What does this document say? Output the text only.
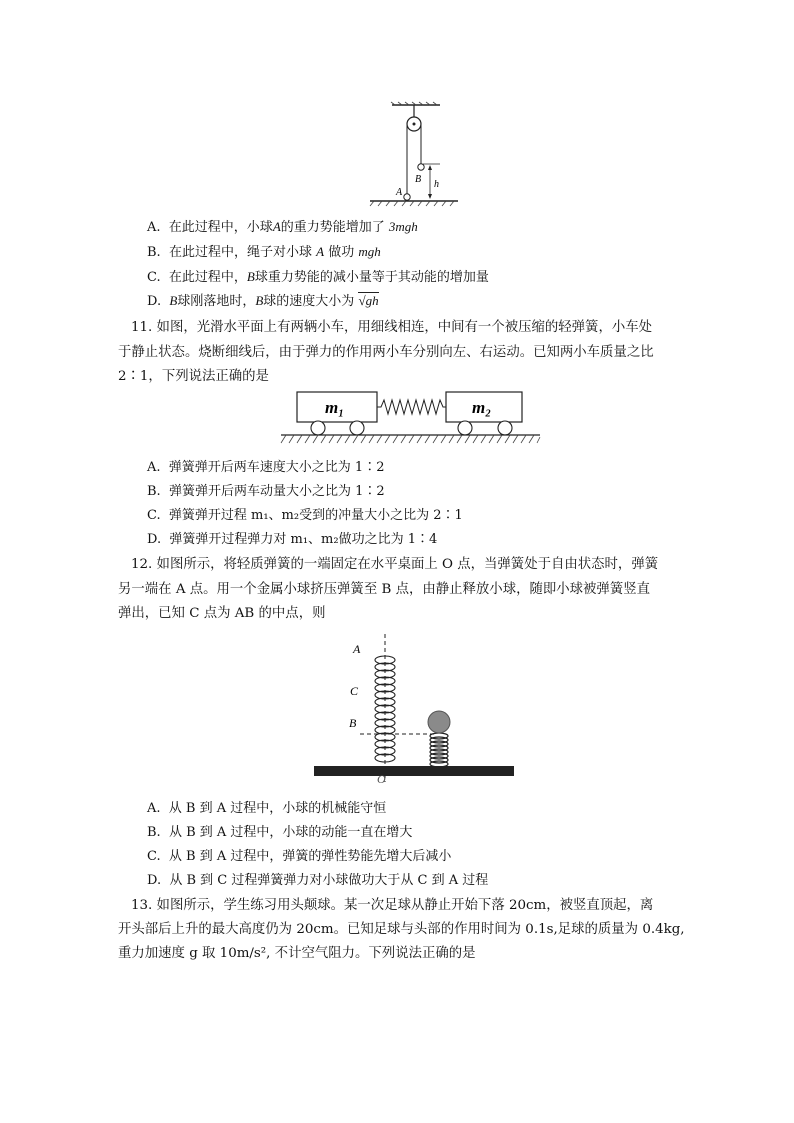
A
B h
A. 在此过程中，小球A的重力势能增加了 3mgh
B. 在此过程中，绳子对小球 A 做功 mgh
C. 在此过程中，B球重力势能的减小量等于其动能的增加量
D. B球刚落地时，B球的速度大小为 √gh
11. 如图，光滑水平面上有两辆小车，用细线相连，中间有一个被压缩的轻弹簧，小车处
于静止状态。烧断细线后，由于弹力的作用两小车分别向左、右运动。已知两小车质量之比
2∶1，下列说法正确的是
m₁	m₂
A. 弹簧弹开后两车速度大小之比为 1∶2
B. 弹簧弹开后两车动量大小之比为 1∶2
C. 弹簧弹开过程 m₁、m₂受到的冲量大小之比为 2∶1
D. 弹簧弹开过程弹力对 m₁、m₂做功之比为 1∶4
12. 如图所示，将轻质弹簧的一端固定在水平桌面上 O 点，当弹簧处于自由状态时，弹簧
另一端在 A 点。用一个金属小球挤压弹簧至 B 点，由静止释放小球，随即小球被弹簧竖直
弹出，已知 C 点为 AB 的中点，则
A
C
B
O
A. 从 B 到 A 过程中，小球的机械能守恒
B. 从 B 到 A 过程中，小球的动能一直在增大
C. 从 B 到 A 过程中，弹簧的弹性势能先增大后减小
D. 从 B 到 C 过程弹簧弹力对小球做功大于从 C 到 A 过程
13. 如图所示，学生练习用头颠球。某一次足球从静止开始下落 20cm，被竖直顶起，离
开头部后上升的最大高度仍为 20cm。已知足球与头部的作用时间为 0.1s,足球的质量为 0.4kg,
重力加速度 g 取 10m/s², 不计空气阻力。下列说法正确的是
